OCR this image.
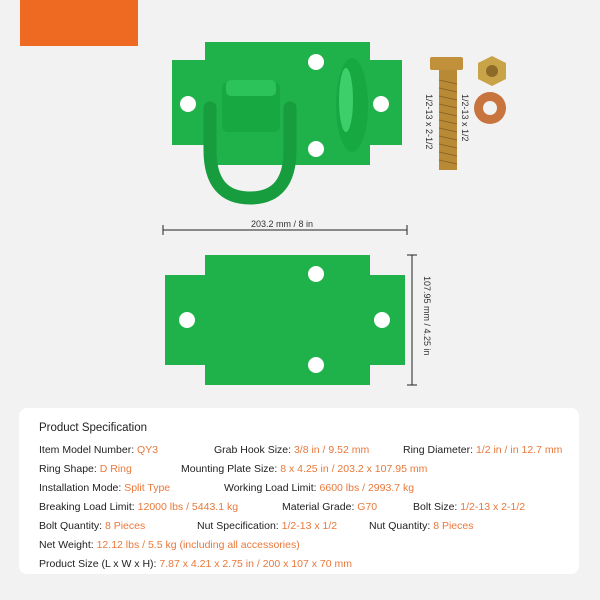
203.2 mm / 8 in
107.95 mm / 4.25 in
1/2-13 x 2-1/2	1/2-13 x 1/2
Product Specification
Item Model Number: QY3	Grab Hook Size: 3/8 in / 9.52 mm	Ring Diameter: 1/2 in / in 12.7 mm
Ring Shape: D Ring	Mounting Plate Size: 8 x 4.25 in / 203.2 x 107.95 mm
Installation Mode: Split Type	Working Load Limit: 6600 lbs / 2993.7 kg
Breaking Load Limit: 12000 lbs / 5443.1 kg	Material Grade: G70	Bolt Size: 1/2-13 x 2-1/2
Bolt Quantity: 8 Pieces	Nut Specification: 1/2-13 x 1/2	Nut Quantity: 8 Pieces
Net Weight: 12.12 lbs / 5.5 kg (including all accessories)
Product Size (L x W x H): 7.87 x 4.21 x 2.75 in / 200 x 107 x 70 mm
